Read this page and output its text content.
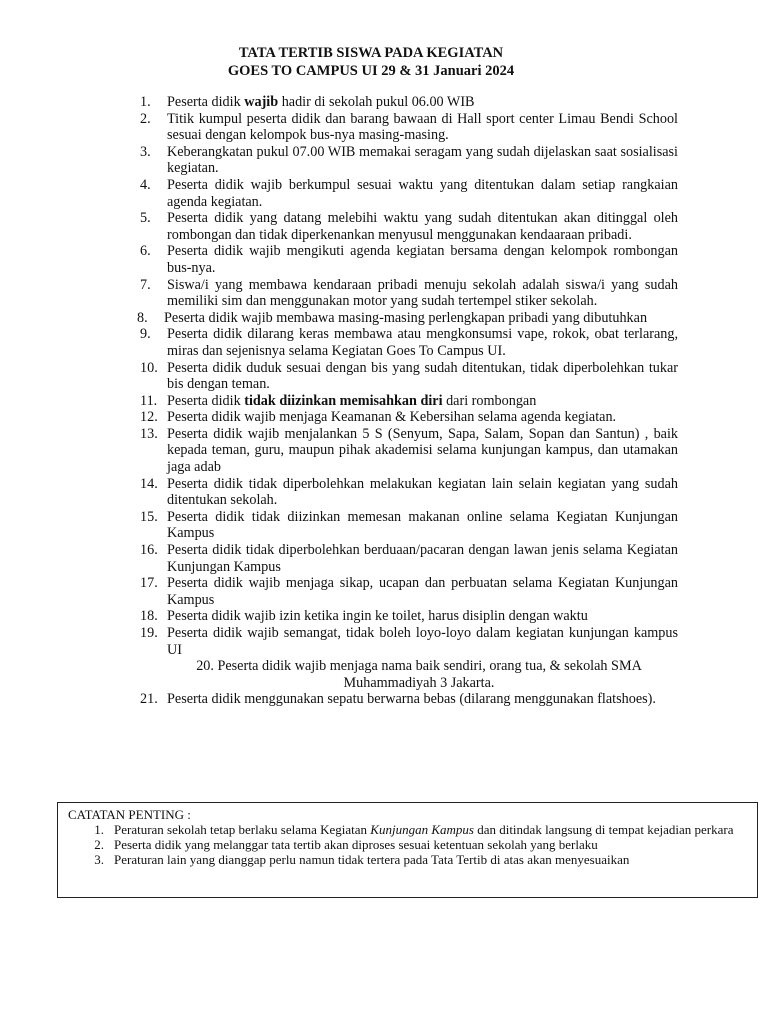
TATA TERTIB SISWA PADA KEGIATAN
GOES TO CAMPUS UI 29 & 31 Januari 2024
1.	Peserta didik wajib hadir di sekolah pukul 06.00 WIB
2.	Titik kumpul peserta didik dan barang bawaan di Hall sport center Limau Bendi School sesuai dengan kelompok bus-nya masing-masing.
3.	Keberangkatan pukul 07.00 WIB memakai seragam yang sudah dijelaskan saat sosialisasi kegiatan.
4.	Peserta didik wajib berkumpul sesuai waktu yang ditentukan dalam setiap rangkaian agenda kegiatan.
5.	Peserta didik yang datang melebihi waktu yang sudah ditentukan akan ditinggal oleh rombongan dan tidak diperkenankan menyusul menggunakan kendaaraan pribadi.
6.	Peserta didik wajib mengikuti agenda kegiatan bersama dengan kelompok rombongan bus-nya.
7.	Siswa/i yang membawa kendaraan pribadi menuju sekolah adalah siswa/i yang sudah memiliki sim dan menggunakan motor yang sudah tertempel stiker sekolah.
8.	Peserta didik wajib membawa masing-masing perlengkapan pribadi yang dibutuhkan
9.	Peserta didik dilarang keras membawa atau mengkonsumsi vape, rokok, obat terlarang, miras dan sejenisnya selama Kegiatan Goes To Campus UI.
10. Peserta didik duduk sesuai dengan bis yang sudah ditentukan, tidak diperbolehkan tukar bis dengan teman.
11. Peserta didik tidak diizinkan memisahkan diri dari rombongan
12. Peserta didik wajib menjaga Keamanan & Kebersihan selama agenda kegiatan.
13. Peserta didik wajib menjalankan 5 S (Senyum, Sapa, Salam, Sopan dan Santun) , baik kepada teman, guru, maupun pihak akademisi selama kunjungan kampus, dan utamakan jaga adab
14. Peserta didik tidak diperbolehkan melakukan kegiatan lain selain kegiatan yang sudah ditentukan sekolah.
15. Peserta didik tidak diizinkan memesan makanan online selama Kegiatan Kunjungan Kampus
16. Peserta didik tidak diperbolehkan berduaan/pacaran dengan lawan jenis selama Kegiatan Kunjungan Kampus
17. Peserta didik wajib menjaga sikap, ucapan dan perbuatan selama Kegiatan Kunjungan Kampus
18. Peserta didik wajib izin ketika ingin ke toilet, harus disiplin dengan waktu
19. Peserta didik wajib semangat, tidak boleh loyo-loyo dalam kegiatan kunjungan kampus UI
20. Peserta didik wajib menjaga nama baik sendiri, orang tua, & sekolah SMA Muhammadiyah 3 Jakarta.
21. Peserta didik menggunakan sepatu berwarna bebas (dilarang menggunakan flatshoes).
CATATAN PENTING :
1. Peraturan sekolah tetap berlaku selama Kegiatan Kunjungan Kampus dan ditindak langsung di tempat kejadian perkara
2. Peserta didik yang melanggar tata tertib akan diproses sesuai ketentuan sekolah yang berlaku
3. Peraturan lain yang dianggap perlu namun tidak tertera pada Tata Tertib di atas akan menyesuaikan
